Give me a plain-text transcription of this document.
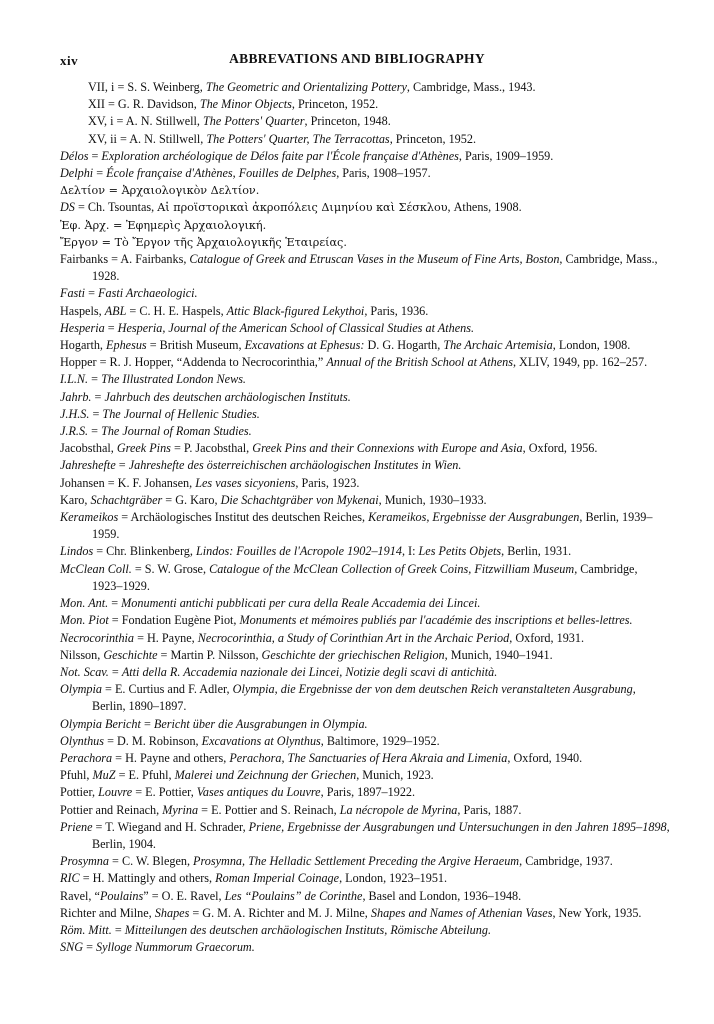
xiv	ABBREVATIONS AND BIBLIOGRAPHY
VII, i = S. S. Weinberg, The Geometric and Orientalizing Pottery, Cambridge, Mass., 1943.
XII = G. R. Davidson, The Minor Objects, Princeton, 1952.
XV, i = A. N. Stillwell, The Potters' Quarter, Princeton, 1948.
XV, ii = A. N. Stillwell, The Potters' Quarter, The Terracottas, Princeton, 1952.
Délos = Exploration archéologique de Délos faite par l'École française d'Athènes, Paris, 1909–1959.
Delphi = École française d'Athènes, Fouilles de Delphes, Paris, 1908–1957.
Δελτίον = Ἀρχαιολογικὸν Δελτίον.
DS = Ch. Tsountas, Αἱ προϊστορικαὶ ἀκροπόλεις Διμηνίου καὶ Σέσκλου, Athens, 1908.
Ἐφ. Ἀρχ. = Ἐφημερὶς Ἀρχαιολογική.
Ἔργον = Τὸ Ἔργον τῆς Ἀρχαιολογικῆς Ἑταιρείας.
Fairbanks = A. Fairbanks, Catalogue of Greek and Etruscan Vases in the Museum of Fine Arts, Boston, Cambridge, Mass., 1928.
Fasti = Fasti Archaeologici.
Haspels, ABL = C. H. E. Haspels, Attic Black-figured Lekythoi, Paris, 1936.
Hesperia = Hesperia, Journal of the American School of Classical Studies at Athens.
Hogarth, Ephesus = British Museum, Excavations at Ephesus: D. G. Hogarth, The Archaic Artemisia, London, 1908.
Hopper = R. J. Hopper, “Addenda to Necrocorinthia,” Annual of the British School at Athens, XLIV, 1949, pp. 162–257.
I.L.N. = The Illustrated London News.
Jahrb. = Jahrbuch des deutschen archäologischen Instituts.
J.H.S. = The Journal of Hellenic Studies.
J.R.S. = The Journal of Roman Studies.
Jacobsthal, Greek Pins = P. Jacobsthal, Greek Pins and their Connexions with Europe and Asia, Oxford, 1956.
Jahreshefte = Jahreshefte des österreichischen archäologischen Institutes in Wien.
Johansen = K. F. Johansen, Les vases sicyoniens, Paris, 1923.
Karo, Schachtgräber = G. Karo, Die Schachtgräber von Mykenai, Munich, 1930–1933.
Kerameikos = Archäologisches Institut des deutschen Reiches, Kerameikos, Ergebnisse der Ausgrabungen, Berlin, 1939–1959.
Lindos = Chr. Blinkenberg, Lindos: Fouilles de l'Acropole 1902–1914, I: Les Petits Objets, Berlin, 1931.
McClean Coll. = S. W. Grose, Catalogue of the McClean Collection of Greek Coins, Fitzwilliam Museum, Cambridge, 1923–1929.
Mon. Ant. = Monumenti antichi pubblicati per cura della Reale Accademia dei Lincei.
Mon. Piot = Fondation Eugène Piot, Monuments et mémoires publiés par l'académie des inscriptions et belles-lettres.
Necrocorinthia = H. Payne, Necrocorinthia, a Study of Corinthian Art in the Archaic Period, Oxford, 1931.
Nilsson, Geschichte = Martin P. Nilsson, Geschichte der griechischen Religion, Munich, 1940–1941.
Not. Scav. = Atti della R. Accademia nazionale dei Lincei, Notizie degli scavi di antichità.
Olympia = E. Curtius and F. Adler, Olympia, die Ergebnisse der von dem deutschen Reich veranstalteten Ausgrabung, Berlin, 1890–1897.
Olympia Bericht = Bericht über die Ausgrabungen in Olympia.
Olynthus = D. M. Robinson, Excavations at Olynthus, Baltimore, 1929–1952.
Perachora = H. Payne and others, Perachora, The Sanctuaries of Hera Akraia and Limenia, Oxford, 1940.
Pfuhl, MuZ = E. Pfuhl, Malerei und Zeichnung der Griechen, Munich, 1923.
Pottier, Louvre = E. Pottier, Vases antiques du Louvre, Paris, 1897–1922.
Pottier and Reinach, Myrina = E. Pottier and S. Reinach, La nécropole de Myrina, Paris, 1887.
Priene = T. Wiegand and H. Schrader, Priene, Ergebnisse der Ausgrabungen und Untersuchungen in den Jahren 1895–1898, Berlin, 1904.
Prosymna = C. W. Blegen, Prosymna, The Helladic Settlement Preceding the Argive Heraeum, Cambridge, 1937.
RIC = H. Mattingly and others, Roman Imperial Coinage, London, 1923–1951.
Ravel, “Poulains” = O. E. Ravel, Les “Poulains” de Corinthe, Basel and London, 1936–1948.
Richter and Milne, Shapes = G. M. A. Richter and M. J. Milne, Shapes and Names of Athenian Vases, New York, 1935.
Röm. Mitt. = Mitteilungen des deutschen archäologischen Instituts, Römische Abteilung.
SNG = Sylloge Nummorum Graecorum.
